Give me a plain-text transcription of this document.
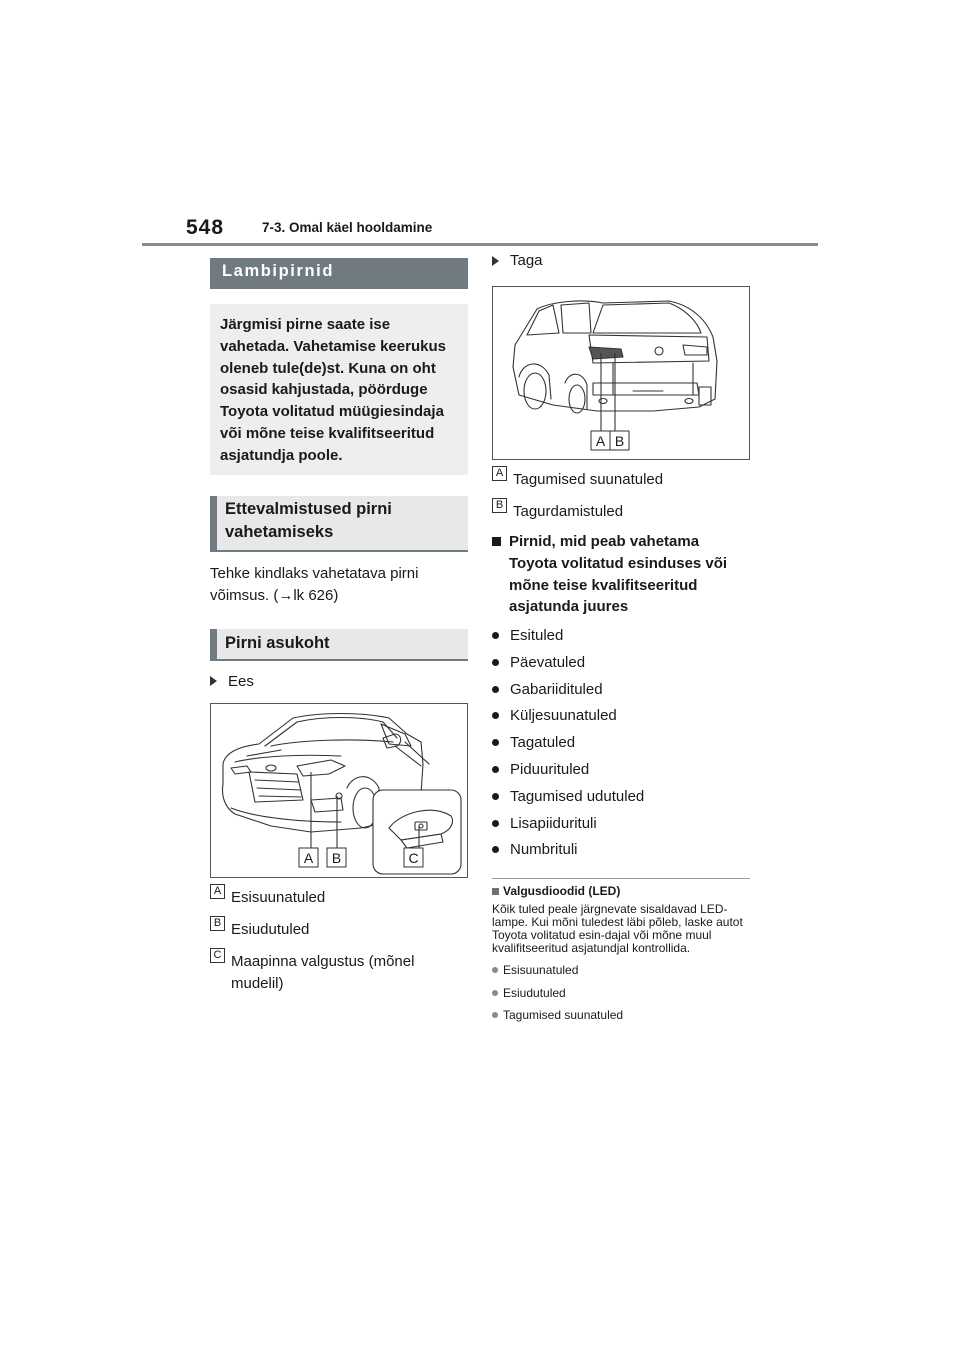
548	7-3. Omal käel hooldamine
Lambipirnid

Järgmisi pirne saate ise vahetada. Vahetamise keerukus oleneb tule(de)st. Kuna on oht osasid kahjustada, pöörduge Toyota volitatud müügiesindaja või mõne teise kvalifitseeritud asjatundja poole.

Ettevalmistused pirni vahetamiseks

Tehke kindlaks vahetatava pirni võimsus. (→lk 626)

Pirni asukoht
Ees
A B	C
A Esisuunatuled
B Esiudutuled
C Maapinna valgustus (mõnel mudelil)
Taga
A B
A Tagumised suunatuled
B Tagurdamistuled
Pirnid, mid peab vahetama Toyota volitatud esinduses või mõne teise kvalifitseeritud asjatunda juures
Esituled
Päevatuled
Gabariidituled
Küljesuunatuled
Tagatuled
Piduurituled
Tagumised udutuled
Lisapiidurituli
Numbrituli
Valgusdioodid (LED)

Kõik tuled peale järgnevate sisaldavad LED-lampe. Kui mõni tuledest läbi põleb, laske autot Toyota volitatud esin-dajal või mõne muul kvalifitseeritud asjatundjal kontrollida.

Esisuunatuled
Esiudutuled
Tagumised suunatuled
